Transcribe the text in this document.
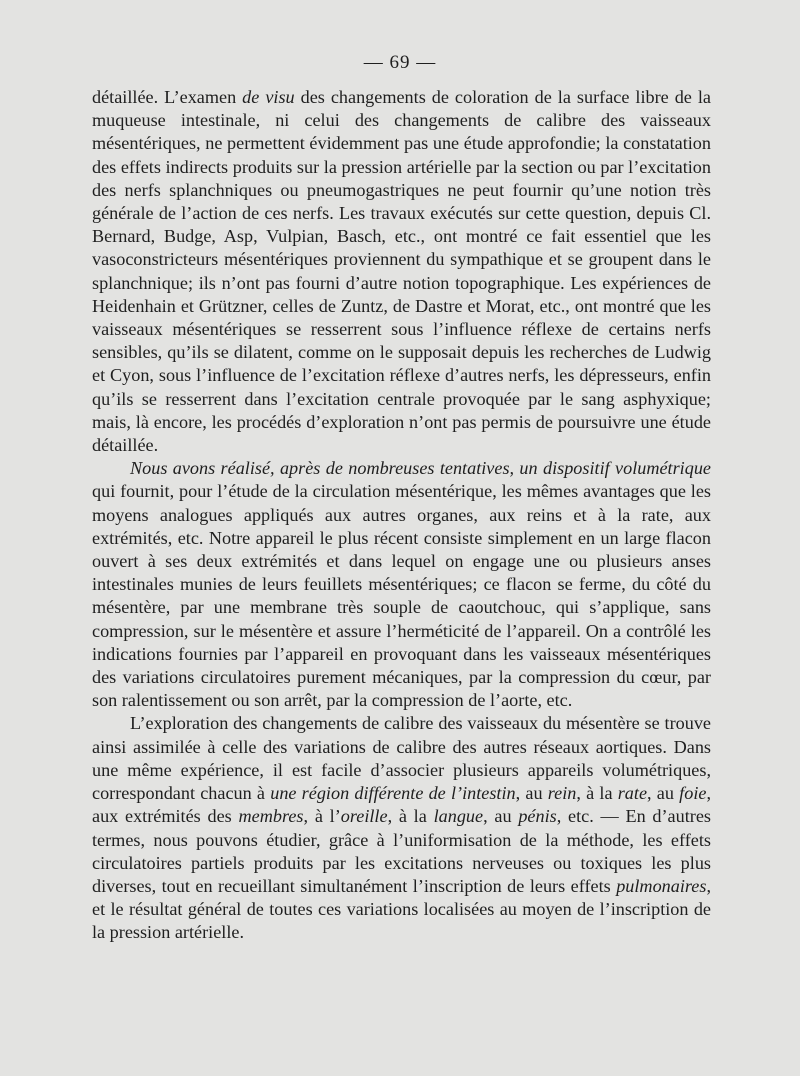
— 69 —

détaillée. L’examen de visu des changements de coloration de la surface libre de la muqueuse intestinale, ni celui des changements de calibre des vaisseaux mésentériques, ne permettent évidemment pas une étude approfondie; la constatation des effets indirects produits sur la pression artérielle par la section ou par l’excitation des nerfs splanchniques ou pneumogastriques ne peut fournir qu’une notion très générale de l’action de ces nerfs. Les travaux exécutés sur cette question, depuis Cl. Bernard, Budge, Asp, Vulpian, Basch, etc., ont montré ce fait essentiel que les vasoconstricteurs mésentériques proviennent du sympathique et se groupent dans le splanchnique; ils n’ont pas fourni d’autre notion topographique. Les expériences de Heidenhain et Grützner, celles de Zuntz, de Dastre et Morat, etc., ont montré que les vaisseaux mésentériques se resserrent sous l’influence réflexe de certains nerfs sensibles, qu’ils se dilatent, comme on le supposait depuis les recherches de Ludwig et Cyon, sous l’influence de l’excitation réflexe d’autres nerfs, les dépresseurs, enfin qu’ils se resserrent dans l’excitation centrale provoquée par le sang asphyxique; mais, là encore, les procédés d’exploration n’ont pas permis de poursuivre une étude détaillée.

Nous avons réalisé, après de nombreuses tentatives, un dispositif volumétrique qui fournit, pour l’étude de la circulation mésentérique, les mêmes avantages que les moyens analogues appliqués aux autres organes, aux reins et à la rate, aux extrémités, etc. Notre appareil le plus récent consiste simplement en un large flacon ouvert à ses deux extrémités et dans lequel on engage une ou plusieurs anses intestinales munies de leurs feuillets mésentériques; ce flacon se ferme, du côté du mésentère, par une membrane très souple de caoutchouc, qui s’applique, sans compression, sur le mésentère et assure l’herméticité de l’appareil. On a contrôlé les indications fournies par l’appareil en provoquant dans les vaisseaux mésentériques des variations circulatoires purement mécaniques, par la compression du cœur, par son ralentissement ou son arrêt, par la compression de l’aorte, etc.

L’exploration des changements de calibre des vaisseaux du mésentère se trouve ainsi assimilée à celle des variations de calibre des autres réseaux aortiques. Dans une même expérience, il est facile d’associer plusieurs appareils volumétriques, correspondant chacun à une région différente de l’intestin, au rein, à la rate, au foie, aux extrémités des membres, à l’oreille, à la langue, au pénis, etc. — En d’autres termes, nous pouvons étudier, grâce à l’uniformisation de la méthode, les effets circulatoires partiels produits par les excitations nerveuses ou toxiques les plus diverses, tout en recueillant simultanément l’inscription de leurs effets pulmonaires, et le résultat général de toutes ces variations localisées au moyen de l’inscription de la pression artérielle.
